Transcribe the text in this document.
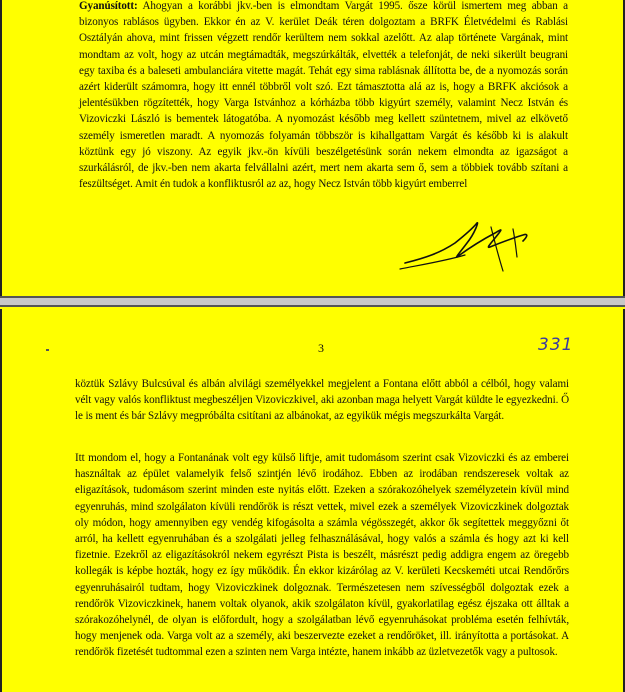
Gyanúsított: Ahogyan a korábbi jkv.-ben is elmondtam Vargát 1995. ősze körül ismertem meg abban a bizonyos rablásos ügyben. Ekkor én az V. kerület Deák téren dolgoztam a BRFK Életvédelmi és Rablási Osztályán ahova, mint frissen végzett rendőr kerültem nem sokkal azelőtt. Az alap története Vargának, mint mondtam az volt, hogy az utcán megtámadták, megszúrkálták, elvették a telefonját, de neki sikerült beugrani egy taxiba és a baleseti ambulanciára vitette magát. Tehát egy sima rablásnak állította be, de a nyomozás során azért kiderült számomra, hogy itt ennél többről volt szó. Ezt támasztotta alá az is, hogy a BRFK akciósok a jelentésükben rögzítették, hogy Varga Istvánhoz a kórházba több kigyúrt személy, valamint Necz István és Vizoviczki László is bementek látogatóba. A nyomozást később meg kellett szüntetnem, mivel az elkövető személy ismeretlen maradt. A nyomozás folyamán többször is kihallgattam Vargát és később ki is alakult köztünk egy jó viszony. Az egyik jkv.-ön kívüli beszélgetésünk során nekem elmondta az igazságot a szurkálásról, de jkv.-ben nem akarta felvállalni azért, mert nem akarta sem ő, sem a többiek tovább szítani a feszültséget. Amit én tudok a konfliktusról az az, hogy Necz István több kigyúrt emberrel
3	331

köztük Szlávy Bulcsúval és albán alvilági személyekkel megjelent a Fontana előtt abból a célból, hogy valami vélt vagy valós konfliktust megbeszéljen Vizoviczkivel, aki azonban maga helyett Vargát küldte le egyezkedni. Ő le is ment és bár Szlávy megpróbálta csitítani az albánokat, az egyikük mégis megszurkálta Vargát.

Itt mondom el, hogy a Fontanának volt egy külső liftje, amit tudomásom szerint csak Vizoviczki és az emberei használtak az épület valamelyik felső szintjén lévő irodához. Ebben az irodában rendszeresek voltak az eligazítások, tudomásom szerint minden este nyitás előtt. Ezeken a szórakozóhelyek személyzetein kívül mind egyenruhás, mind szolgálaton kívüli rendőrök is részt vettek, mivel ezek a személyek Vizoviczkinek dolgoztak oly módon, hogy amennyiben egy vendég kifogásolta a számla végösszegét, akkor ők segítettek meggyőzni őt arról, ha kellett egyenruhában és a szolgálati jelleg felhasználásával, hogy valós a számla és hogy azt ki kell fizetnie. Ezekről az eligazításokról nekem egyrészt Pista is beszélt, másrészt pedig addigra engem az öregebb kollegák is képbe hozták, hogy ez így működik. Én ekkor kizárólag az V. kerületi Kecskeméti utcai Rendőrőrs egyenruhásairól tudtam, hogy Vizoviczkinek dolgoznak. Természetesen nem szívességből dolgoztak ezek a rendőrök Vizoviczkinek, hanem voltak olyanok, akik szolgálaton kívül, gyakorlatilag egész éjszaka ott álltak a szórakozóhelynél, de olyan is előfordult, hogy a szolgálatban lévő egyenruhásokat probléma esetén felhívták, hogy menjenek oda. Varga volt az a személy, aki beszervezte ezeket a rendőröket, ill. irányította a portásokat. A rendőrök fizetését tudtommal ezen a szinten nem Varga intézte, hanem inkább az üzletvezetők vagy a pultosok.
